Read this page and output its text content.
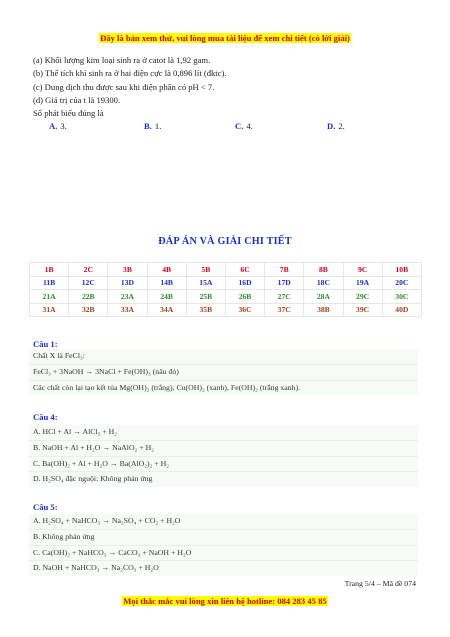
Đây là bản xem thử, vui lòng mua tài liệu để xem chi tiết (có lời giải)
(a) Khối lượng kim loại sinh ra ở catot là 1,92 gam.
(b) Thể tích khí sinh ra ở hai điện cực là 0,896 lít (đktc).
(c) Dung dịch thu được sau khi điện phân có pH < 7.
(d) Giá trị của t là 19300.
Số phát biểu đúng là
A. 3.	B. 1.	C. 4.	D. 2.
ĐÁP ÁN VÀ GIẢI CHI TIẾT
1B	2C	3B	4B	5B	6C	7B	8B	9C	10B
11B	12C	13D	14B	15A	16D	17D	18C	19A	20C
21A	22B	23A	24B	25B	26B	27C	28A	29C	30C
31A	32B	33A	34A	35B	36C	37C	38B	39C	40D
Câu 1:
Chất X là FeCl₃:
FeCl₃ + 3NaOH → 3NaCl + Fe(OH)₃ (nâu đỏ)
Các chất còn lại tạo kết tủa Mg(OH)₂ (trắng), Cu(OH)₂ (xanh), Fe(OH)₂ (trắng xanh).
Câu 4:
A. HCl + Al → AlCl₃ + H₂
B. NaOH + Al + H₂O → NaAlO₂ + H₂
C. Ba(OH)₂ + Al + H₂O → Ba(AlO₂)₂ + H₂
D. H₂SO₄ đặc nguội: Không phản ứng
Câu 5:
A. H₂SO₄ + NaHCO₃ → Na₂SO₄ + CO₂ + H₂O
B. Không phản ứng
C. Ca(OH)₂ + NaHCO₃ → CaCO₃ + NaOH + H₂O
D. NaOH + NaHCO₃ → Na₂CO₃ + H₂O
Trang 5/4 – Mã đề 074
Mọi thắc mắc vui lòng xin liên hệ hotline: 084 283 45 85
